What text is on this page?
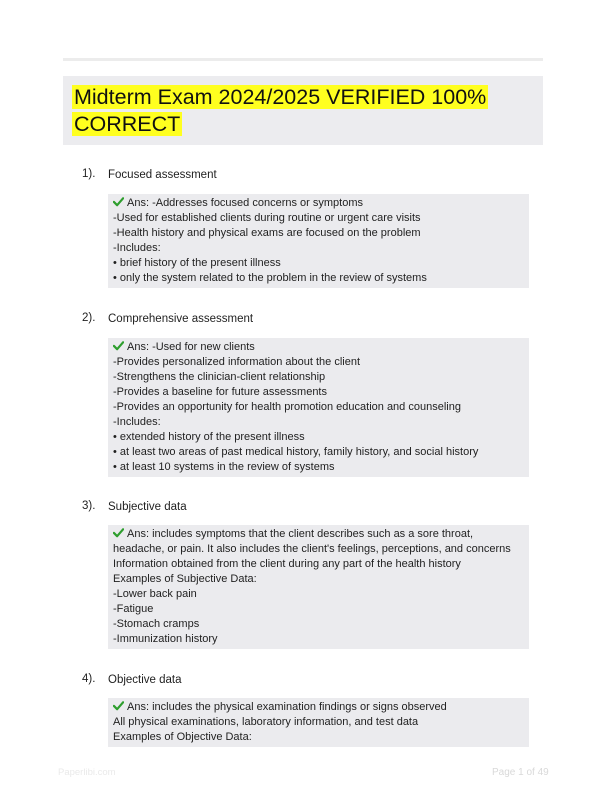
Midterm Exam 2024/2025 VERIFIED 100% CORRECT
1). Focused assessment
Ans: -Addresses focused concerns or symptoms
-Used for established clients during routine or urgent care visits
-Health history and physical exams are focused on the problem
-Includes:
• brief history of the present illness
• only the system related to the problem in the review of systems
2). Comprehensive assessment
Ans: -Used for new clients
-Provides personalized information about the client
-Strengthens the clinician-client relationship
-Provides a baseline for future assessments
-Provides an opportunity for health promotion education and counseling
-Includes:
• extended history of the present illness
• at least two areas of past medical history, family history, and social history
• at least 10 systems in the review of systems
3). Subjective data
Ans: includes symptoms that the client describes such as a sore throat, headache, or pain. It also includes the client's feelings, perceptions, and concerns
Information obtained from the client during any part of the health history
Examples of Subjective Data:
-Lower back pain
-Fatigue
-Stomach cramps
-Immunization history
4). Objective data
Ans: includes the physical examination findings or signs observed
All physical examinations, laboratory information, and test data
Examples of Objective Data:
Paperlibi.com	Page 1 of 49
